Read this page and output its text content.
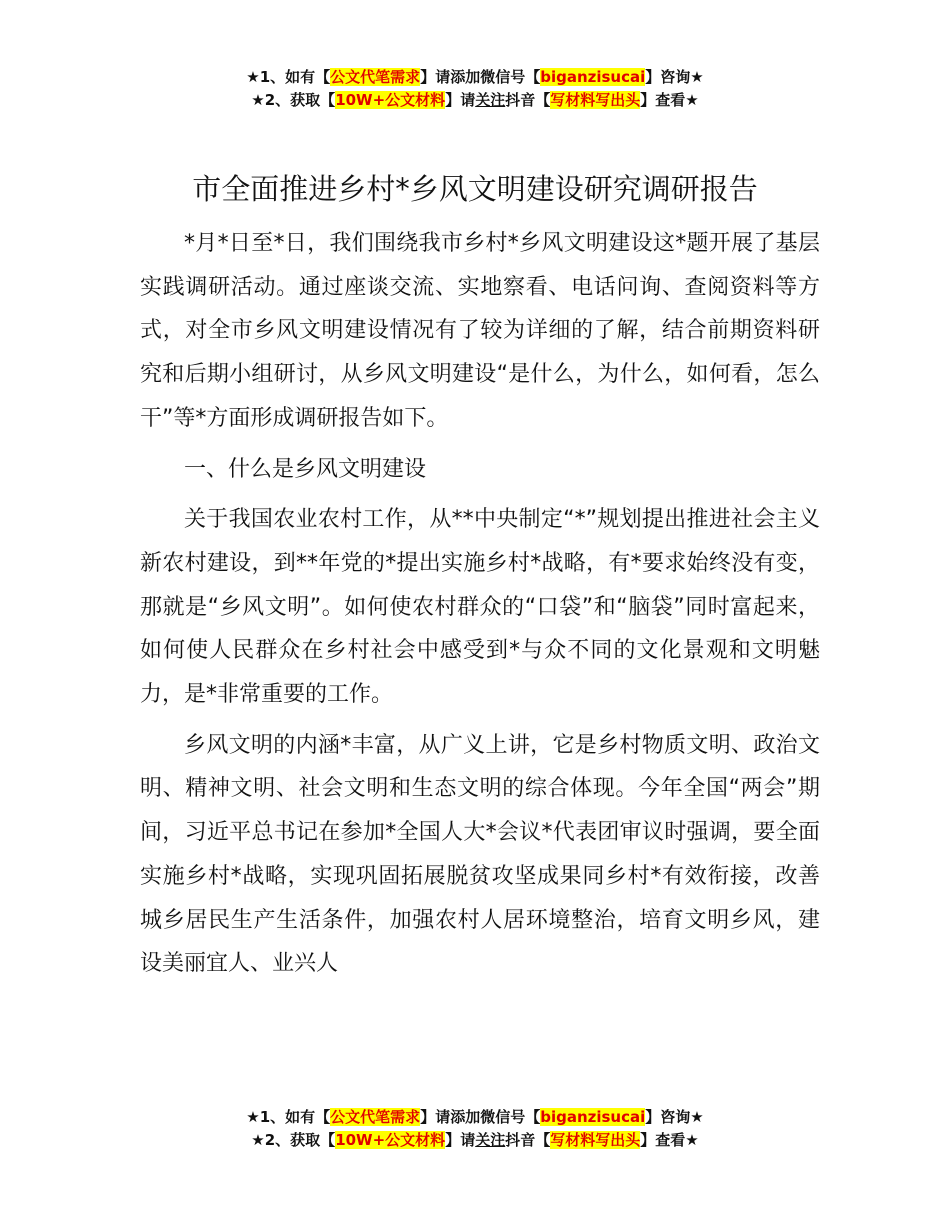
★1、如有【公文代笔需求】请添加微信号【biganzisucai】咨询★
★2、获取【10W+公文材料】请关注抖音【写材料写出头】查看★
市全面推进乡村*乡风文明建设研究调研报告

*月*日至*日，我们围绕我市乡村*乡风文明建设这*题开展了基层实践调研活动。通过座谈交流、实地察看、电话问询、查阅资料等方式，对全市乡风文明建设情况有了较为详细的了解，结合前期资料研究和后期小组研讨，从乡风文明建设“是什么，为什么，如何看，怎么干”等*方面形成调研报告如下。

一、什么是乡风文明建设

关于我国农业农村工作，从**中央制定“*”规划提出推进社会主义新农村建设，到**年党的*提出实施乡村*战略，有*要求始终没有变，那就是“乡风文明”。如何使农村群众的“口袋”和“脑袋”同时富起来，如何使人民群众在乡村社会中感受到*与众不同的文化景观和文明魅力，是*非常重要的工作。

乡风文明的内涵*丰富，从广义上讲，它是乡村物质文明、政治文明、精神文明、社会文明和生态文明的综合体现。今年全国“两会”期间，习近平总书记在参加*全国人大*会议*代表团审议时强调，要全面实施乡村*战略，实现巩固拓展脱贫攻坚成果同乡村*有效衔接，改善城乡居民生产生活条件，加强农村人居环境整治，培育文明乡风，建设美丽宜人、业兴人

★1、如有【公文代笔需求】请添加微信号【biganzisucai】咨询★
★2、获取【10W+公文材料】请关注抖音【写材料写出头】查看★
